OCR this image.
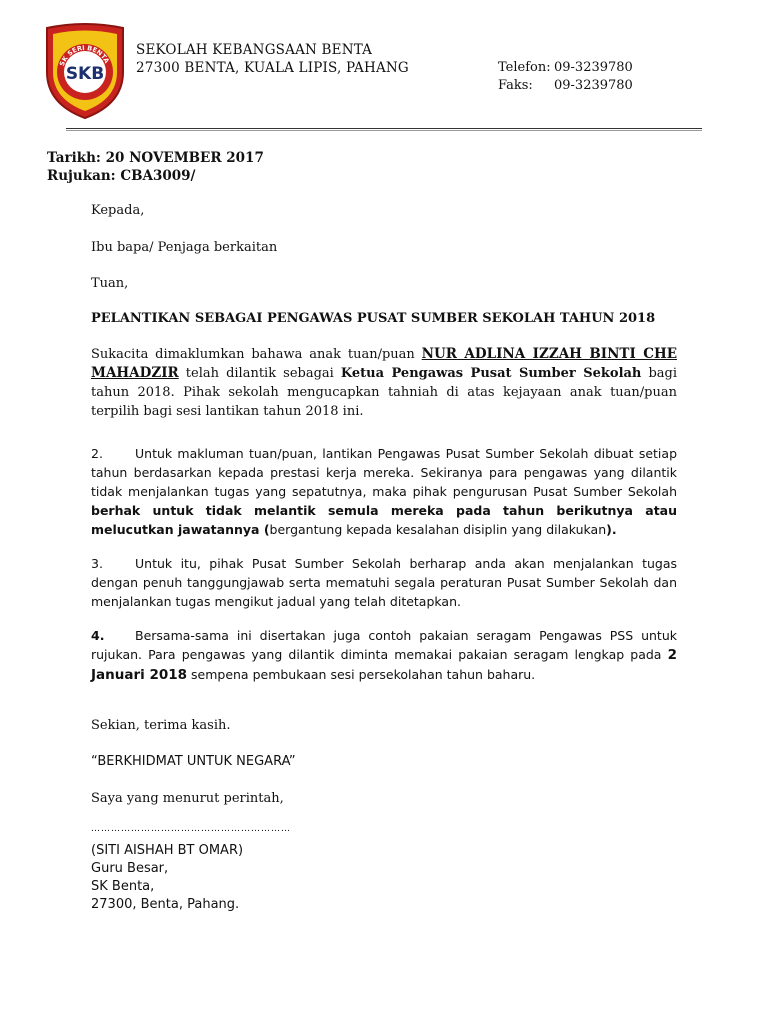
SK SERI BENTA
SKB
SEKOLAH KEBANGSAAN BENTA
27300 BENTA, KUALA LIPIS, PAHANG	Telefon: 09-3239780
Faks:	09-3239780
Tarikh: 20 NOVEMBER 2017
Rujukan: CBA3009/
Kepada,
Ibu bapa/ Penjaga berkaitan
Tuan,
PELANTIKAN SEBAGAI PENGAWAS PUSAT SUMBER SEKOLAH TAHUN 2018
Sukacita dimaklumkan bahawa anak tuan/puan NUR ADLINA IZZAH BINTI CHE MAHADZIR telah dilantik sebagai Ketua Pengawas Pusat Sumber Sekolah bagi tahun 2018. Pihak sekolah mengucapkan tahniah di atas kejayaan anak tuan/puan terpilih bagi sesi lantikan tahun 2018 ini.
2.	Untuk makluman tuan/puan, lantikan Pengawas Pusat Sumber Sekolah dibuat setiap tahun berdasarkan kepada prestasi kerja mereka. Sekiranya para pengawas yang dilantik tidak menjalankan tugas yang sepatutnya, maka pihak pengurusan Pusat Sumber Sekolah berhak untuk tidak melantik semula mereka pada tahun berikutnya atau melucutkan jawatannya (bergantung kepada kesalahan disiplin yang dilakukan).
3.	Untuk itu, pihak Pusat Sumber Sekolah berharap anda akan menjalankan tugas dengan penuh tanggungjawab serta mematuhi segala peraturan Pusat Sumber Sekolah dan menjalankan tugas mengikut jadual yang telah ditetapkan.
4. Bersama-sama ini disertakan juga contoh pakaian seragam Pengawas PSS untuk rujukan. Para pengawas yang dilantik diminta memakai pakaian seragam lengkap pada 2 Januari 2018 sempena pembukaan sesi persekolahan tahun baharu.
Sekian, terima kasih.
“BERKHIDMAT UNTUK NEGARA”
Saya yang menurut perintah,
……………………………………………………
(SITI AISHAH BT OMAR)
Guru Besar,
SK Benta,
27300, Benta, Pahang.
